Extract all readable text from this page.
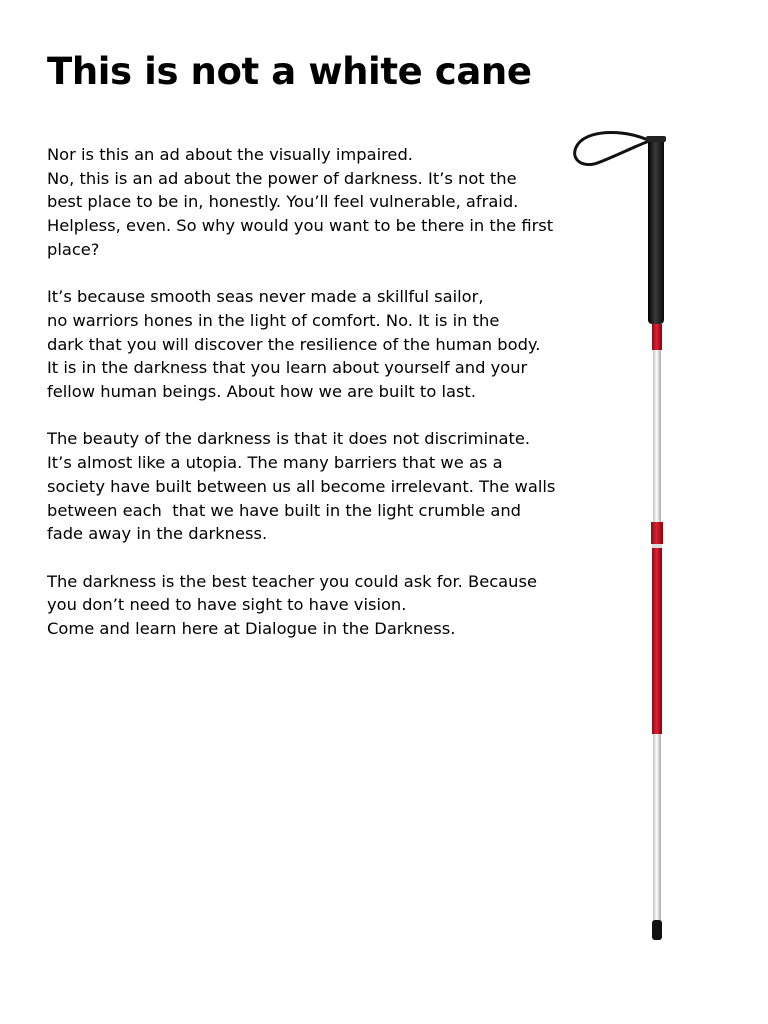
This is not a white cane

Nor is this an ad about the visually impaired.
No, this is an ad about the power of darkness. It’s not the
best place to be in, honestly. You’ll feel vulnerable, afraid.
Helpless, even. So why would you want to be there in the first
place?

It’s because smooth seas never made a skillful sailor,
no warriors hones in the light of comfort. No. It is in the
dark that you will discover the resilience of the human body.
It is in the darkness that you learn about yourself and your
fellow human beings. About how we are built to last.

The beauty of the darkness is that it does not discriminate.
It’s almost like a utopia. The many barriers that we as a
society have built between us all become irrelevant. The walls
between each  that we have built in the light crumble and
fade away in the darkness.

The darkness is the best teacher you could ask for. Because
you don’t need to have sight to have vision.
Come and learn here at Dialogue in the Darkness.
